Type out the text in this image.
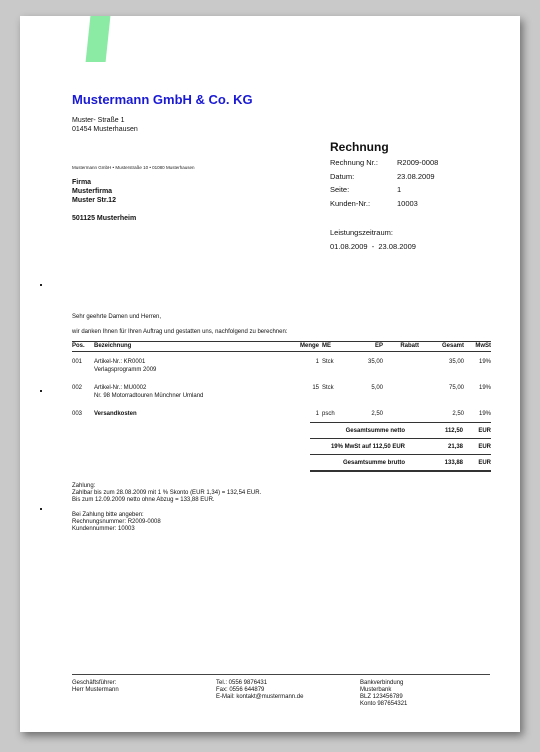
Mustermann GmbH & Co. KG
Muster- Straße 1
01454 Musterhausen
Mustermann GmbH • Musterstraße 10 • 01080 Musterhausen
Firma
Musterfirma
Muster Str.12
501125 Musterheim
Rechnung
Rechnung Nr.:	R2009-0008
Datum:	23.08.2009
Seite:	1
Kunden-Nr.:	10003
Leistungszeitraum:
01.08.2009  -  23.08.2009
Sehr geehrte Damen und Herren,
wir danken Ihnen für Ihren Auftrag und gestatten uns, nachfolgend zu berechnen:
Pos.	Bezeichnung	Menge	ME	EP	Rabatt	Gesamt	MwSt
001	Artikel-Nr.: KR0001
Verlagsprogramm 2009	1	Stck	35,00		35,00	19%
002	Artikel-Nr.: MU0002
Nr. 98 Motorradtouren Münchner Umland	15	Stck	5,00		75,00	19%
003	Versandkosten	1	psch	2,50		2,50	19%
Gesamtsumme netto	112,50	EUR
19% MwSt auf 112,50 EUR	21,38	EUR
Gesamtsumme brutto	133,88	EUR
Zahlung:
Zahlbar bis zum 28.08.2009 mit 1 % Skonto (EUR 1,34) = 132,54 EUR.
Bis zum 12.09.2009 netto ohne Abzug = 133,88 EUR.
Bei Zahlung bitte angeben:
Rechnungsnummer: R2009-0008
Kundennummer: 10003
Geschäftsführer:
Herr Mustermann
Tel.: 0556 9876431
Fax: 0556 644879
E-Mail: kontakt@mustermann.de
Bankverbindung
Musterbank
BLZ 123456789
Konto 987654321
